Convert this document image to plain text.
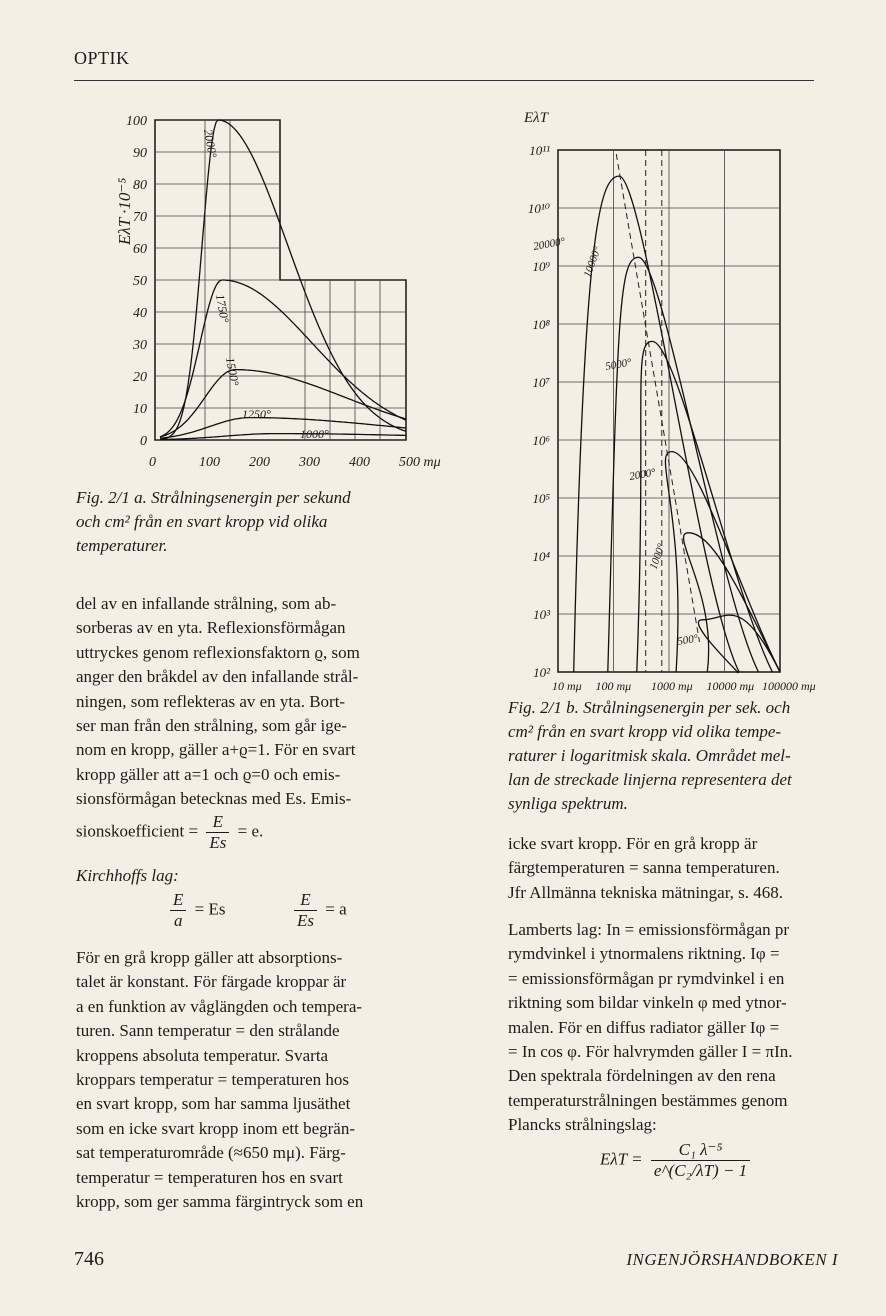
OPTIK
EλT ·10⁻⁵
100
90
80
70
60
50
40
30
20
10
0
0	100 200 300 400 500 mμ
2000°
1750°
1500°
1250°
1000°
Fig. 2/1 a. Strålningsenergin per sekund
och cm² från en svart kropp vid olika
temperaturer.
EλT
10¹¹
10¹⁰
10⁹
10⁸
10⁷
10⁶
10⁵
10⁴
10³
10²
10 mμ 100 mμ 1000 mμ 10000 mμ 100000 mμ
20000°
10000°
5000°
2000°
1000°
500°
Fig. 2/1 b. Strålningsenergin per sek. och
cm² från en svart kropp vid olika tempe-
raturer i logaritmisk skala. Området mel-
lan de streckade linjerna representera det
synliga spektrum.

del av en infallande strålning, som ab-

sorberas av en yta. Reflexionsförmågan

uttryckes genom reflexionsfaktorn ϱ, som

anger den bråkdel av den infallande strål-

ningen, som reflekteras av en yta. Bort-

ser man från den strålning, som går ige-

nom en kropp, gäller a+ϱ=1. För en svart

kropp gäller att a=1 och ϱ=0 och emis-

sionsförmågan betecknas med Es. Emis-

sionskoefficient = $\frac{E}{Es} = e$.
Kirchhoffs lag:
$\frac{E}{a} = Es$	$\frac{E}{Es} = a$

För en grå kropp gäller att absorptions-

talet är konstant. För färgade kroppar är

a en funktion av våglängden och tempera-

turen. Sann temperatur = den strålande

kroppens absoluta temperatur. Svarta

kroppars temperatur = temperaturen hos

en svart kropp, som har samma ljusäthet

som en icke svart kropp inom ett begrän-

sat temperaturområde (≈650 mμ). Färg-

temperatur = temperaturen hos en svart

kropp, som ger samma färgintryck som en

icke svart kropp. För en grå kropp är

färgtemperaturen = sanna temperaturen.

Jfr Allmänna tekniska mätningar, s. 468.

Lamberts lag: In = emissionsförmågan pr

rymdvinkel i ytnormalens riktning. Iφ =

= emissionsförmågan pr rymdvinkel i en

riktning som bildar vinkeln φ med ytnor-

malen. För en diffus radiator gäller Iφ =

= In cos φ. För halvrymden gäller I = πIn.

Den spektrala fördelningen av den rena

temperaturstrålningen bestämmes genom

Plancks strålningslag:

$E\lambda T = \frac{\text{C₁ λ⁻⁵}}{\text{e\textasciicircum{}(C₂/λT) − 1}}$
746	INGENJÖRSHANDBOKEN I
